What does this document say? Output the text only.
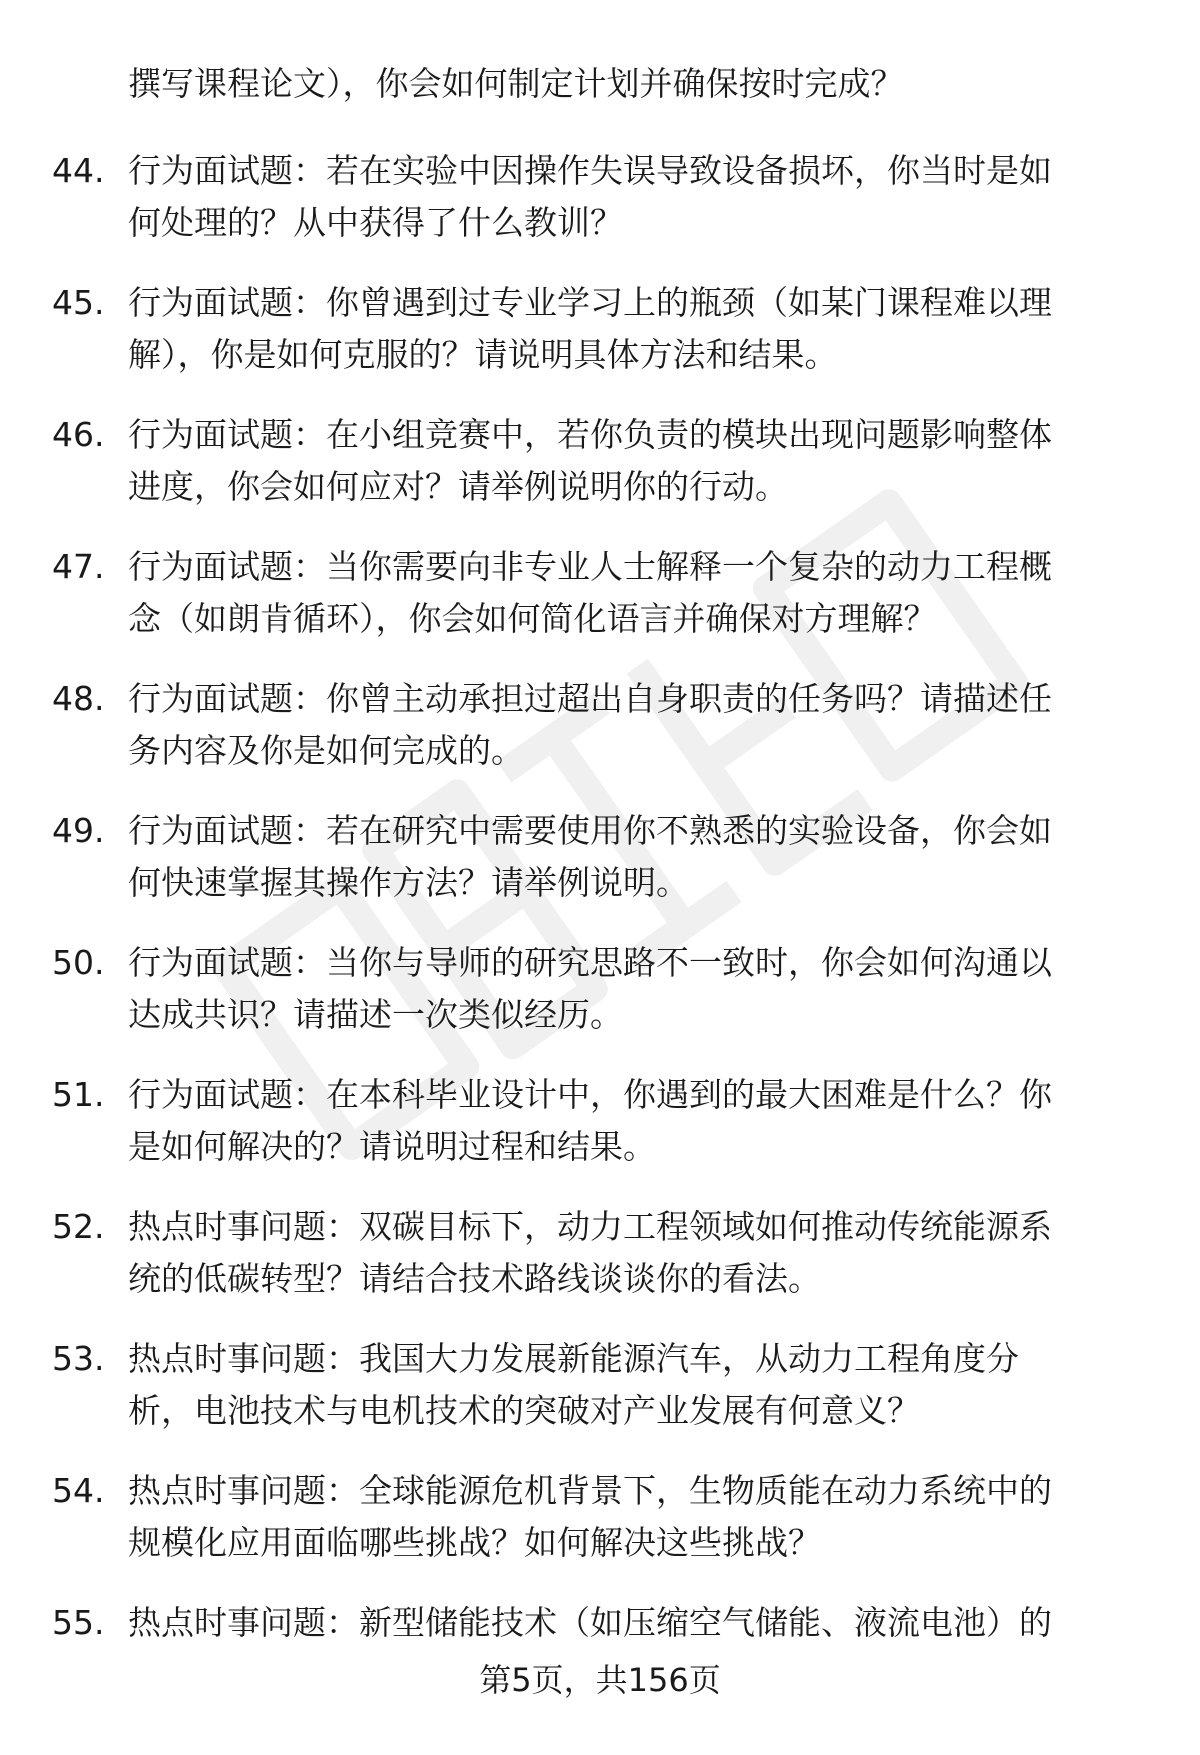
撰写课程论文），你会如何制定计划并确保按时完成？
44. 行为面试题：若在实验中因操作失误导致设备损坏，你当时是如
何处理的？从中获得了什么教训？
45. 行为面试题：你曾遇到过专业学习上的瓶颈（如某门课程难以理
解），你是如何克服的？请说明具体方法和结果。
46. 行为面试题：在小组竞赛中，若你负责的模块出现问题影响整体
进度，你会如何应对？请举例说明你的行动。
47. 行为面试题：当你需要向非专业人士解释一个复杂的动力工程概
念（如朗肯循环），你会如何简化语言并确保对方理解？
48. 行为面试题：你曾主动承担过超出自身职责的任务吗？请描述任
务内容及你是如何完成的。
49. 行为面试题：若在研究中需要使用你不熟悉的实验设备，你会如
何快速掌握其操作方法？请举例说明。
50. 行为面试题：当你与导师的研究思路不一致时，你会如何沟通以
达成共识？请描述一次类似经历。
51. 行为面试题：在本科毕业设计中，你遇到的最大困难是什么？你
是如何解决的？请说明过程和结果。
52. 热点时事问题：双碳目标下，动力工程领域如何推动传统能源系
统的低碳转型？请结合技术路线谈谈你的看法。
53. 热点时事问题：我国大力发展新能源汽车，从动力工程角度分
析，电池技术与电机技术的突破对产业发展有何意义？
54. 热点时事问题：全球能源危机背景下，生物质能在动力系统中的
规模化应用面临哪些挑战？如何解决这些挑战？
55. 热点时事问题：新型储能技术（如压缩空气储能、液流电池）的
第5页，共156页
